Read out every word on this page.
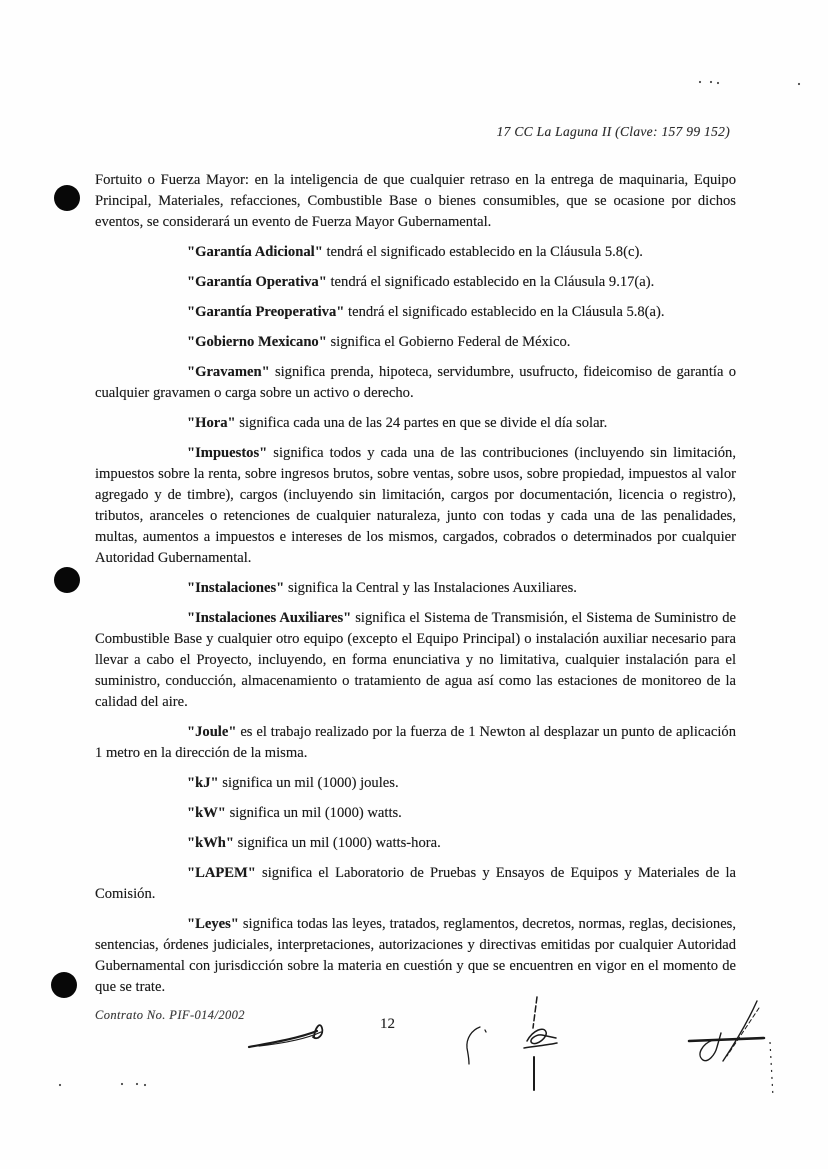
17 CC La Laguna II (Clave: 157 99 152)

Fortuito o Fuerza Mayor: en la inteligencia de que cualquier retraso en la entrega de maquinaria, Equipo Principal, Materiales, refacciones, Combustible Base o bienes consumibles, que se ocasione por dichos eventos, se considerará un evento de Fuerza Mayor Gubernamental.

"Garantía Adicional" tendrá el significado establecido en la Cláusula 5.8(c).

"Garantía Operativa" tendrá el significado establecido en la Cláusula 9.17(a).

"Garantía Preoperativa" tendrá el significado establecido en la Cláusula 5.8(a).

"Gobierno Mexicano" significa el Gobierno Federal de México.

"Gravamen" significa prenda, hipoteca, servidumbre, usufructo, fideicomiso de garantía o cualquier gravamen o carga sobre un activo o derecho.

"Hora" significa cada una de las 24 partes en que se divide el día solar.

"Impuestos" significa todos y cada una de las contribuciones (incluyendo sin limitación, impuestos sobre la renta, sobre ingresos brutos, sobre ventas, sobre usos, sobre propiedad, impuestos al valor agregado y de timbre), cargos (incluyendo sin limitación, cargos por documentación, licencia o registro), tributos, aranceles o retenciones de cualquier naturaleza, junto con todas y cada una de las penalidades, multas, aumentos a impuestos e intereses de los mismos, cargados, cobrados o determinados por cualquier Autoridad Gubernamental.

"Instalaciones" significa la Central y las Instalaciones Auxiliares.

"Instalaciones Auxiliares" significa el Sistema de Transmisión, el Sistema de Suministro de Combustible Base y cualquier otro equipo (excepto el Equipo Principal) o instalación auxiliar necesario para llevar a cabo el Proyecto, incluyendo, en forma enunciativa y no limitativa, cualquier instalación para el suministro, conducción, almacenamiento o tratamiento de agua así como las estaciones de monitoreo de la calidad del aire.

"Joule" es el trabajo realizado por la fuerza de 1 Newton al desplazar un punto de aplicación 1 metro en la dirección de la misma.

"kJ" significa un mil (1000) joules.

"kW" significa un mil (1000) watts.

"kWh" significa un mil (1000) watts-hora.

"LAPEM" significa el Laboratorio de Pruebas y Ensayos de Equipos y Materiales de la Comisión.

"Leyes" significa todas las leyes, tratados, reglamentos, decretos, normas, reglas, decisiones, sentencias, órdenes judiciales, interpretaciones, autorizaciones y directivas emitidas por cualquier Autoridad Gubernamental con jurisdicción sobre la materia en cuestión y que se encuentren en vigor en el momento de que se trate.

Contrato No. PIF-014/2002
12
